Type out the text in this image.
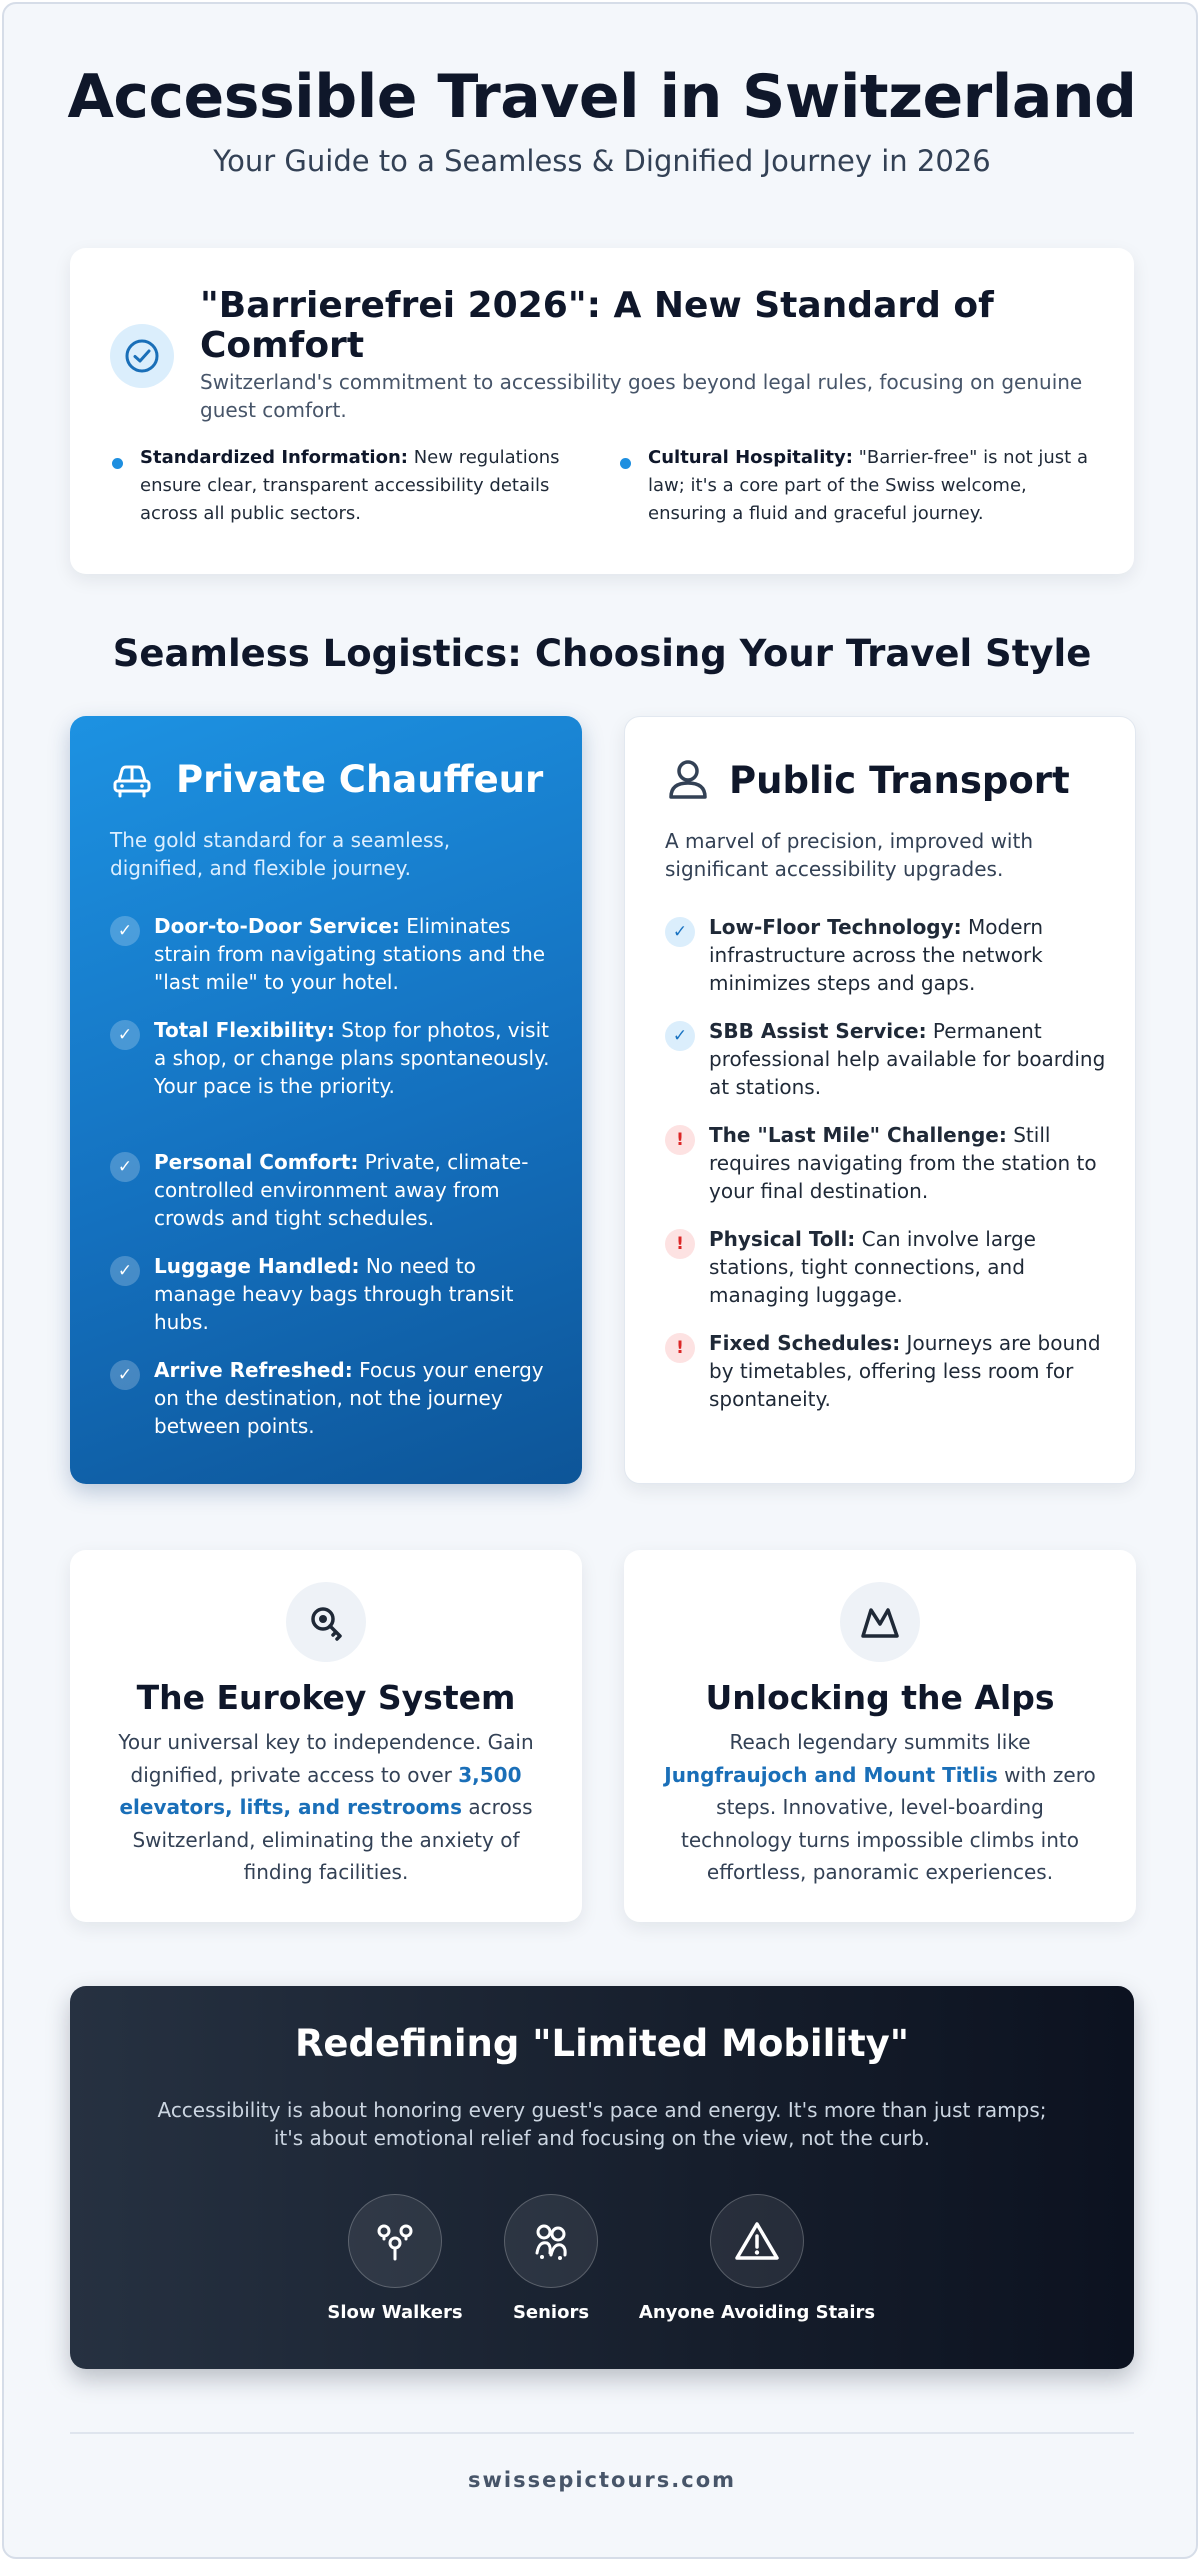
Accessible Travel in Switzerland
Your Guide to a Seamless & Dignified Journey in 2026
"Barrierefrei 2026": A New Standard of Comfort
Switzerland's commitment to accessibility goes beyond legal rules, focusing on genuine guest comfort.
Standardized Information: New regulations ensure clear, transparent accessibility details across all public sectors.
Cultural Hospitality: "Barrier-free" is not just a law; it's a core part of the Swiss welcome, ensuring a fluid and graceful journey.
Seamless Logistics: Choosing Your Travel Style
Private Chauffeur
The gold standard for a seamless, dignified, and flexible journey.
✓	Door-to-Door Service: Eliminates strain from navigating stations and the "last mile" to your hotel.
✓	Total Flexibility: Stop for photos, visit a shop, or change plans spontaneously. Your pace is the priority.
✓	Personal Comfort: Private, climate-controlled environment away from crowds and tight schedules.
✓	Luggage Handled: No need to manage heavy bags through transit hubs.
✓	Arrive Refreshed: Focus your energy on the destination, not the journey between points.
Public Transport
A marvel of precision, improved with significant accessibility upgrades.
✓	Low-Floor Technology: Modern infrastructure across the network minimizes steps and gaps.
✓	SBB Assist Service: Permanent professional help available for boarding at stations.
!	The "Last Mile" Challenge: Still requires navigating from the station to your final destination.
!	Physical Toll: Can involve large stations, tight connections, and managing luggage.
!	Fixed Schedules: Journeys are bound by timetables, offering less room for spontaneity.
The Eurokey System
Your universal key to independence. Gain dignified, private access to over 3,500 elevators, lifts, and restrooms across Switzerland, eliminating the anxiety of finding facilities.
Unlocking the Alps
Reach legendary summits like Jungfraujoch and Mount Titlis with zero steps. Innovative, level-boarding technology turns impossible climbs into effortless, panoramic experiences.
Redefining "Limited Mobility"
Accessibility is about honoring every guest's pace and energy. It's more than just ramps; it's about emotional relief and focusing on the view, not the curb.
Slow Walkers	Seniors	Anyone Avoiding Stairs
swissepictours.com
